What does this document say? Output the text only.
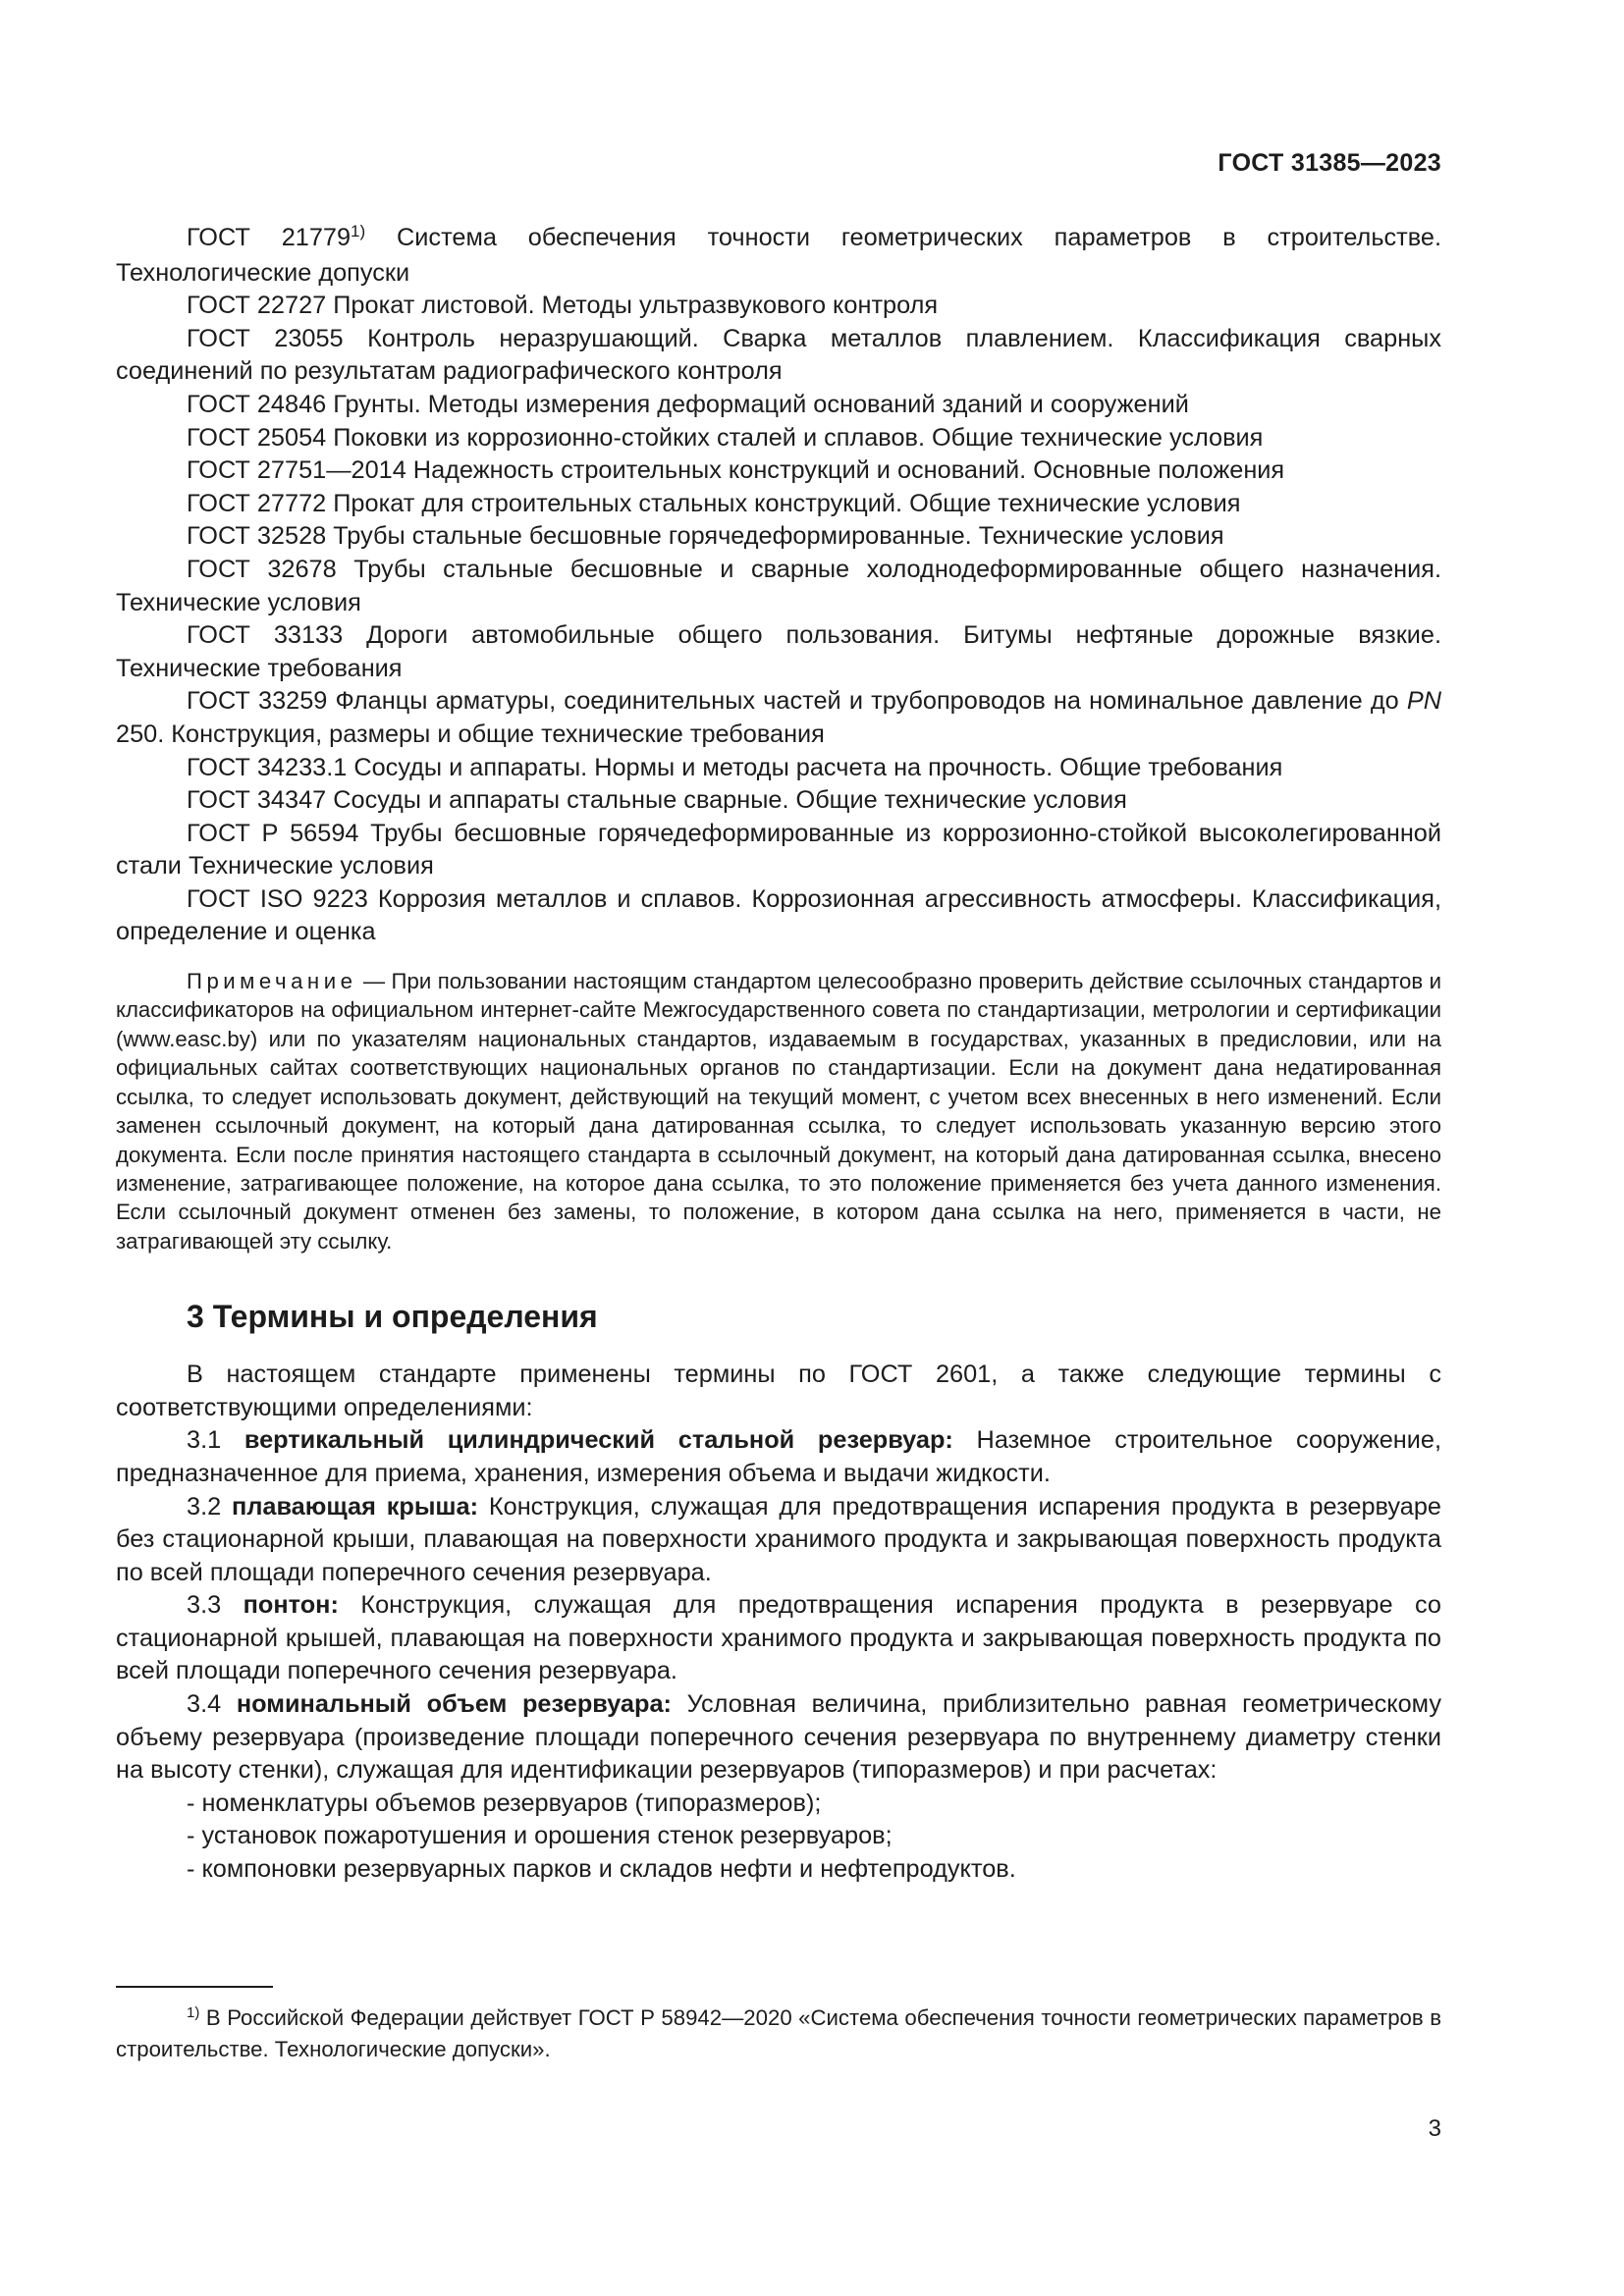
ГОСТ 31385—2023

ГОСТ 21779$^{1)}$ Система обеспечения точности геометрических параметров в строительстве. Технологические допуски

ГОСТ 22727 Прокат листовой. Методы ультразвукового контроля

ГОСТ 23055 Контроль неразрушающий. Сварка металлов плавлением. Классификация сварных соединений по результатам радиографического контроля

ГОСТ 24846 Грунты. Методы измерения деформаций оснований зданий и сооружений

ГОСТ 25054 Поковки из коррозионно-стойких сталей и сплавов. Общие технические условия

ГОСТ 27751—2014 Надежность строительных конструкций и оснований. Основные положения

ГОСТ 27772 Прокат для строительных стальных конструкций. Общие технические условия

ГОСТ 32528 Трубы стальные бесшовные горячедеформированные. Технические условия

ГОСТ 32678 Трубы стальные бесшовные и сварные холоднодеформированные общего назначения. Технические условия

ГОСТ 33133 Дороги автомобильные общего пользования. Битумы нефтяные дорожные вязкие. Технические требования

ГОСТ 33259 Фланцы арматуры, соединительных частей и трубопроводов на номинальное давление до PN 250. Конструкция, размеры и общие технические требования

ГОСТ 34233.1 Сосуды и аппараты. Нормы и методы расчета на прочность. Общие требования

ГОСТ 34347 Сосуды и аппараты стальные сварные. Общие технические условия

ГОСТ Р 56594 Трубы бесшовные горячедеформированные из коррозионно-стойкой высоколегированной стали Технические условия

ГОСТ ISO 9223 Коррозия металлов и сплавов. Коррозионная агрессивность атмосферы. Классификация, определение и оценка

Примечание — При пользовании настоящим стандартом целесообразно проверить действие ссылочных стандартов и классификаторов на официальном интернет-сайте Межгосударственного совета по стандартизации, метрологии и сертификации (www.easc.by) или по указателям национальных стандартов, издаваемым в государствах, указанных в предисловии, или на официальных сайтах соответствующих национальных органов по стандартизации. Если на документ дана недатированная ссылка, то следует использовать документ, действующий на текущий момент, с учетом всех внесенных в него изменений. Если заменен ссылочный документ, на который дана датированная ссылка, то следует использовать указанную версию этого документа. Если после принятия настоящего стандарта в ссылочный документ, на который дана датированная ссылка, внесено изменение, затрагивающее положение, на которое дана ссылка, то это положение применяется без учета данного изменения. Если ссылочный документ отменен без замены, то положение, в котором дана ссылка на него, применяется в части, не затрагивающей эту ссылку.

3 Термины и определения

В настоящем стандарте применены термины по ГОСТ 2601, а также следующие термины с соответствующими определениями:

3.1 вертикальный цилиндрический стальной резервуар: Наземное строительное сооружение, предназначенное для приема, хранения, измерения объема и выдачи жидкости.

3.2 плавающая крыша: Конструкция, служащая для предотвращения испарения продукта в резервуаре без стационарной крыши, плавающая на поверхности хранимого продукта и закрывающая поверхность продукта по всей площади поперечного сечения резервуара.

3.3 понтон: Конструкция, служащая для предотвращения испарения продукта в резервуаре со стационарной крышей, плавающая на поверхности хранимого продукта и закрывающая поверхность продукта по всей площади поперечного сечения резервуара.

3.4 номинальный объем резервуара: Условная величина, приблизительно равная геометрическому объему резервуара (произведение площади поперечного сечения резервуара по внутреннему диаметру стенки на высоту стенки), служащая для идентификации резервуаров (типоразмеров) и при расчетах:

- номенклатуры объемов резервуаров (типоразмеров);

- установок пожаротушения и орошения стенок резервуаров;

- компоновки резервуарных парков и складов нефти и нефтепродуктов.

$^{1)}$ В Российской Федерации действует ГОСТ Р 58942—2020 «Система обеспечения точности геометрических параметров в строительстве. Технологические допуски».
3
